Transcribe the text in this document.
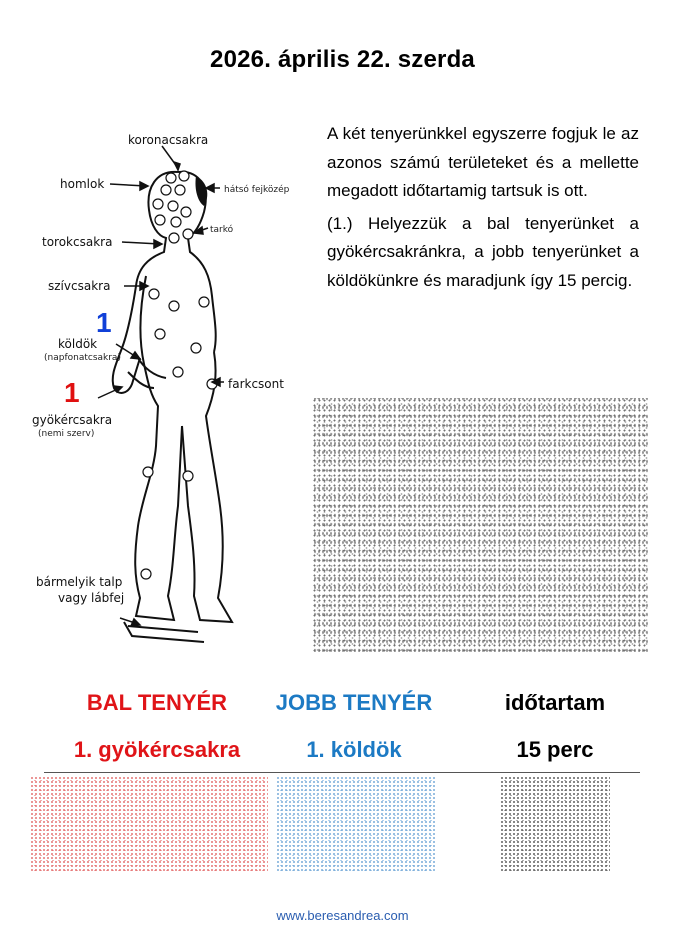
2026. április 22. szerda
koronacsakra
homlok	hátsó fejközép
tarkó
torokcsakra
szívcsakra
1
köldök
(napfonatcsakra)
farkcsont
1
gyökércsakra
(nemi szerv)
bármelyik talp
vagy lábfej

A két tenyerünkkel egyszerre fogjuk le az azonos számú területeket és a mellette megadott időtartamig tartsuk is ott.

(1.) Helyezzük a bal tenyerünket a gyökércsakránkra, a jobb tenyerünket a köldökünkre és maradjunk így 15 percig.

BAL TENYÉR	JOBB TENYÉR	időtartam
1. gyökércsakra	1. köldök	15 perc
www.beresandrea.com
